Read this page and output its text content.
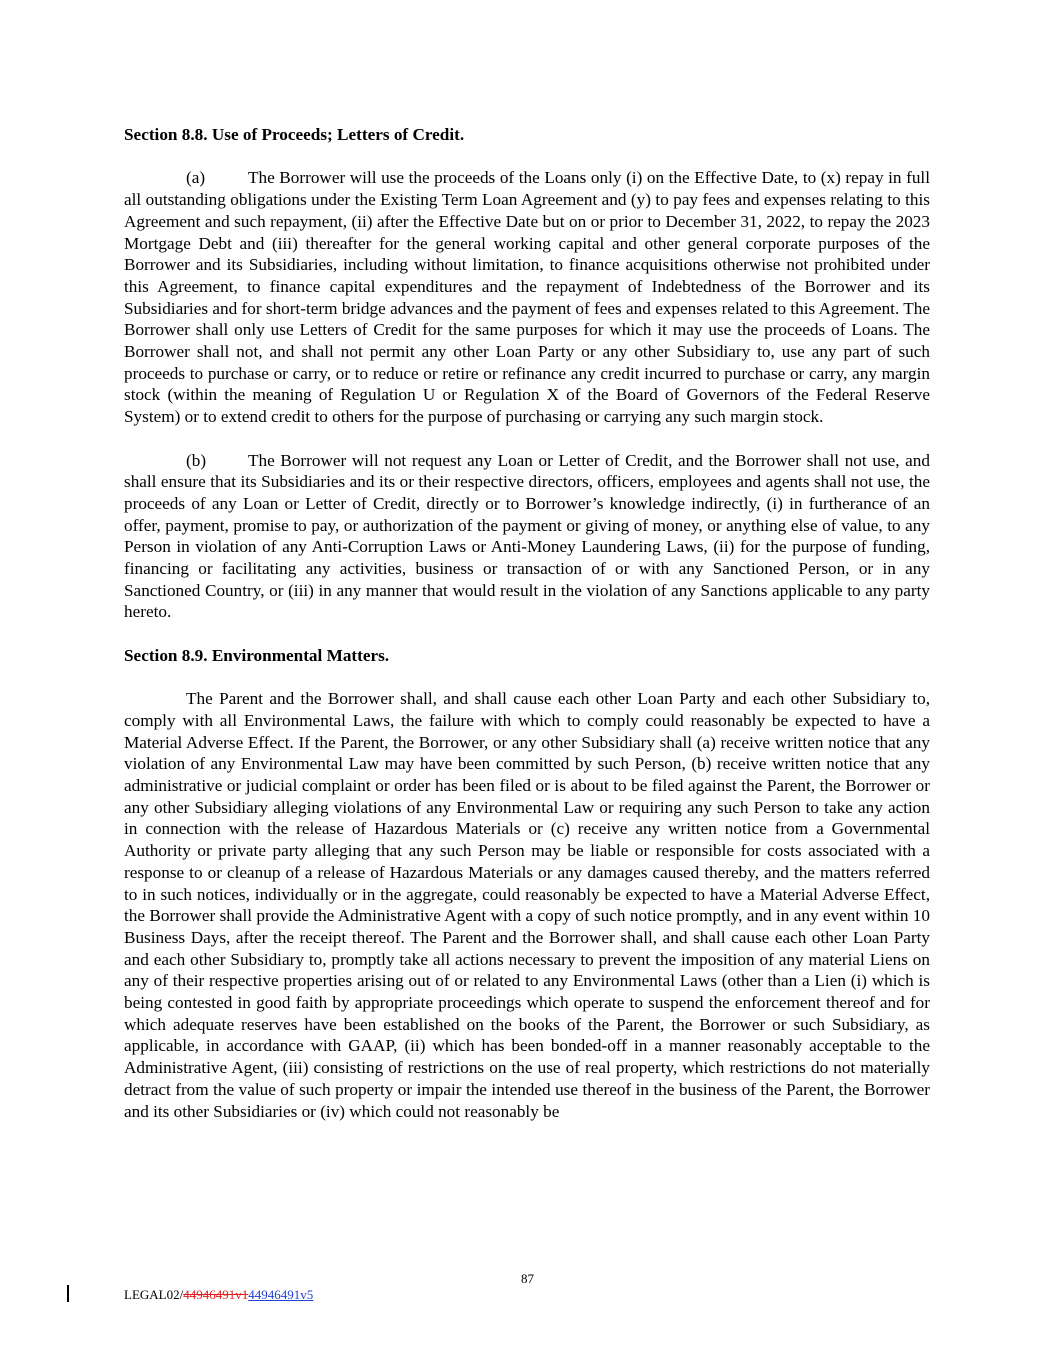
Section 8.8. Use of Proceeds; Letters of Credit.

(a) The Borrower will use the proceeds of the Loans only (i) on the Effective Date, to (x) repay in full all outstanding obligations under the Existing Term Loan Agreement and (y) to pay fees and expenses relating to this Agreement and such repayment, (ii) after the Effective Date but on or prior to December 31, 2022, to repay the 2023 Mortgage Debt and (iii) thereafter for the general working capital and other general corporate purposes of the Borrower and its Subsidiaries, including without limitation, to finance acquisitions otherwise not prohibited under this Agreement, to finance capital expenditures and the repayment of Indebtedness of the Borrower and its Subsidiaries and for short-term bridge advances and the payment of fees and expenses related to this Agreement. The Borrower shall only use Letters of Credit for the same purposes for which it may use the proceeds of Loans. The Borrower shall not, and shall not permit any other Loan Party or any other Subsidiary to, use any part of such proceeds to purchase or carry, or to reduce or retire or refinance any credit incurred to purchase or carry, any margin stock (within the meaning of Regulation U or Regulation X of the Board of Governors of the Federal Reserve System) or to extend credit to others for the purpose of purchasing or carrying any such margin stock.

(b) The Borrower will not request any Loan or Letter of Credit, and the Borrower shall not use, and shall ensure that its Subsidiaries and its or their respective directors, officers, employees and agents shall not use, the proceeds of any Loan or Letter of Credit, directly or to Borrower’s knowledge indirectly, (i) in furtherance of an offer, payment, promise to pay, or authorization of the payment or giving of money, or anything else of value, to any Person in violation of any Anti-Corruption Laws or Anti-Money Laundering Laws, (ii) for the purpose of funding, financing or facilitating any activities, business or transaction of or with any Sanctioned Person, or in any Sanctioned Country, or (iii) in any manner that would result in the violation of any Sanctions applicable to any party hereto.

Section 8.9. Environmental Matters.

The Parent and the Borrower shall, and shall cause each other Loan Party and each other Subsidiary to, comply with all Environmental Laws, the failure with which to comply could reasonably be expected to have a Material Adverse Effect. If the Parent, the Borrower, or any other Subsidiary shall (a) receive written notice that any violation of any Environmental Law may have been committed by such Person, (b) receive written notice that any administrative or judicial complaint or order has been filed or is about to be filed against the Parent, the Borrower or any other Subsidiary alleging violations of any Environmental Law or requiring any such Person to take any action in connection with the release of Hazardous Materials or (c) receive any written notice from a Governmental Authority or private party alleging that any such Person may be liable or responsible for costs associated with a response to or cleanup of a release of Hazardous Materials or any damages caused thereby, and the matters referred to in such notices, individually or in the aggregate, could reasonably be expected to have a Material Adverse Effect, the Borrower shall provide the Administrative Agent with a copy of such notice promptly, and in any event within 10 Business Days, after the receipt thereof. The Parent and the Borrower shall, and shall cause each other Loan Party and each other Subsidiary to, promptly take all actions necessary to prevent the imposition of any material Liens on any of their respective properties arising out of or related to any Environmental Laws (other than a Lien (i) which is being contested in good faith by appropriate proceedings which operate to suspend the enforcement thereof and for which adequate reserves have been established on the books of the Parent, the Borrower or such Subsidiary, as applicable, in accordance with GAAP, (ii) which has been bonded-off in a manner reasonably acceptable to the Administrative Agent, (iii) consisting of restrictions on the use of real property, which restrictions do not materially detract from the value of such property or impair the intended use thereof in the business of the Parent, the Borrower and its other Subsidiaries or (iv) which could not reasonably be

87
LEGAL02/44946491v144946491v5
